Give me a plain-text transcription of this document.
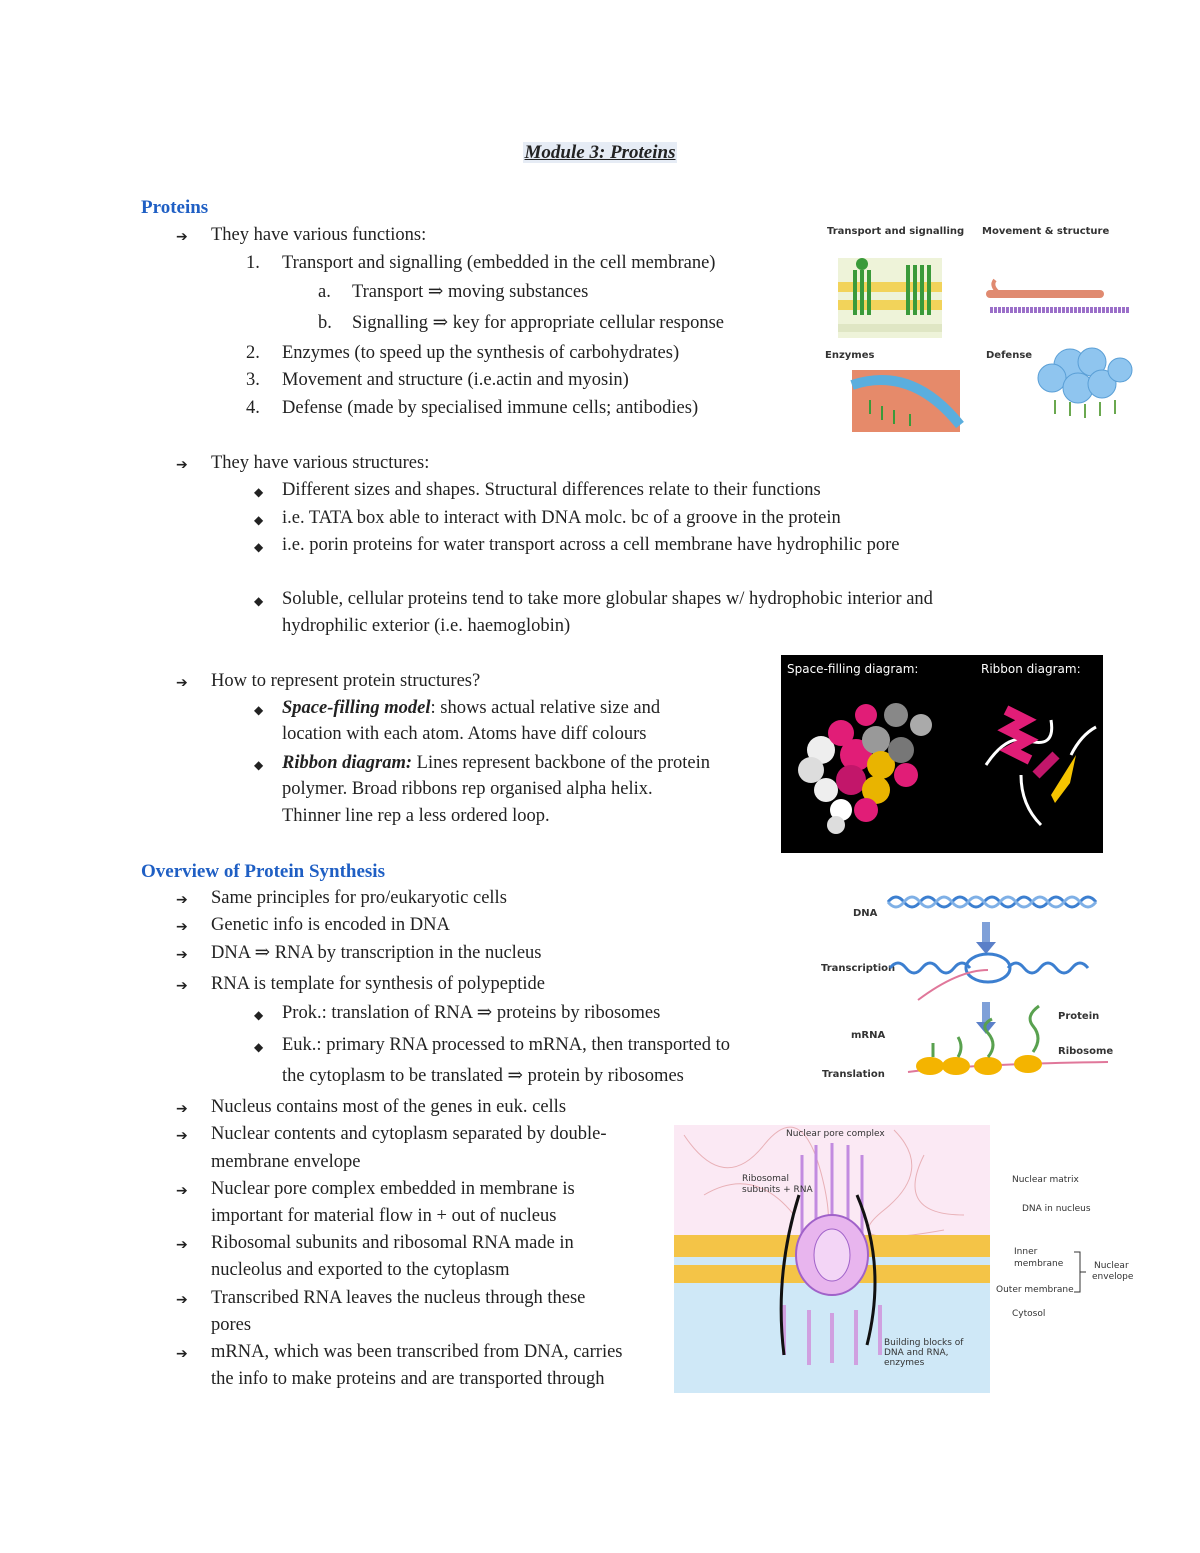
Module 3: Proteins
Proteins
➔ They have various functions:
1. Transport and signalling (embedded in the cell membrane)
a. Transport ⇒ moving substances
b. Signalling ⇒ key for appropriate cellular response
2. Enzymes (to speed up the synthesis of carbohydrates)
3. Movement and structure (i.e.actin and myosin)
4. Defense (made by specialised immune cells; antibodies)
➔ They have various structures:
◆ Different sizes and shapes. Structural differences relate to their functions
◆ i.e. TATA box able to interact with DNA molc. bc of a groove in the protein
◆ i.e. porin proteins for water transport across a cell membrane have hydrophilic pore
◆ Soluble, cellular proteins tend to take more globular shapes w/ hydrophobic interior and
hydrophilic exterior (i.e. haemoglobin)
➔ How to represent protein structures?
◆ Space-filling model: shows actual relative size and
location with each atom. Atoms have diff colours
◆ Ribbon diagram: Lines represent backbone of the protein
polymer. Broad ribbons rep organised alpha helix.
Thinner line rep a less ordered loop.
Overview of Protein Synthesis
➔ Same principles for pro/eukaryotic cells
➔ Genetic info is encoded in DNA
➔ DNA ⇒ RNA by transcription in the nucleus
➔ RNA is template for synthesis of polypeptide
◆ Prok.: translation of RNA ⇒ proteins by ribosomes
◆ Euk.: primary RNA processed to mRNA, then transported to
the cytoplasm to be translated ⇒ protein by ribosomes
➔ Nucleus contains most of the genes in euk. cells
➔ Nuclear contents and cytoplasm separated by double-
membrane envelope
➔ Nuclear pore complex embedded in membrane is
important for material flow in + out of nucleus
➔ Ribosomal subunits and ribosomal RNA made in
nucleolus and exported to the cytoplasm
➔ Transcribed RNA leaves the nucleus through these
pores
➔ mRNA, which was been transcribed from DNA, carries
the info to make proteins and are transported through
Transport and signalling Movement & structure
Enzymes	Defense
Space-filling diagram:	Ribbon diagram:
DNA
Transcription
mRNA
Protein
Ribosome
Translation
Nuclear pore complex
Ribosomal
subunits + RNA
Building blocks of
DNA and RNA,
enzymes
Nuclear matrix
DNA in nucleus
Inner
membrane
Outer membrane
Nuclear
envelope
Cytosol
